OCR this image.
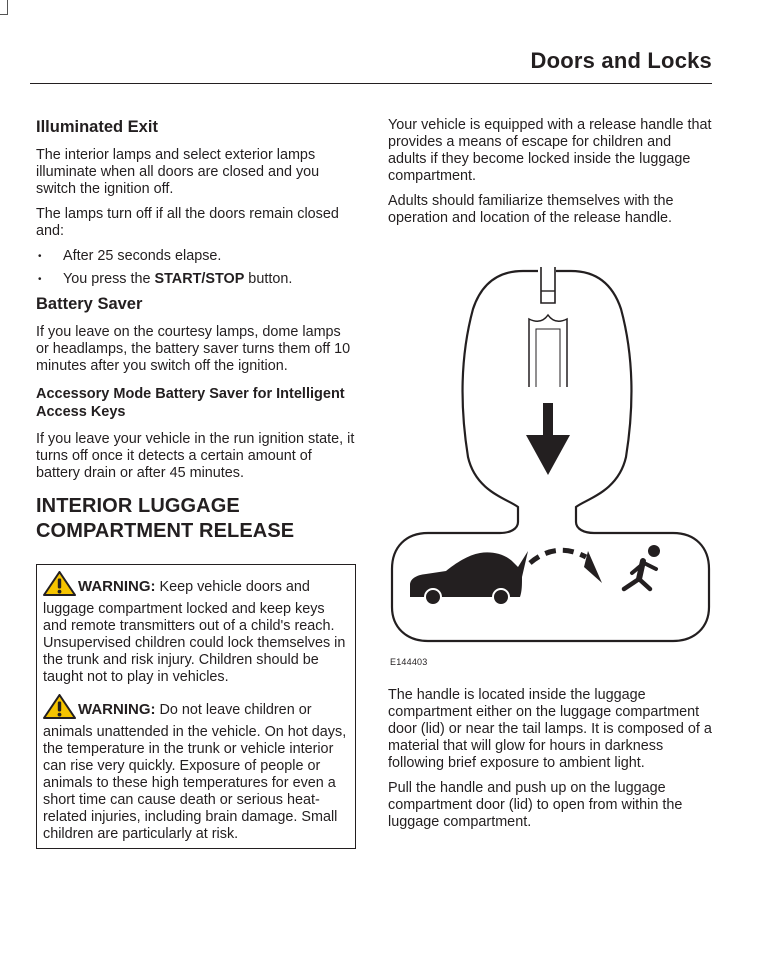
Doors and Locks
Illuminated Exit

The interior lamps and select exterior lamps illuminate when all doors are closed and you switch the ignition off.

The lamps turn off if all the doors remain closed and:

• After 25 seconds elapse.
• You press the START/STOP button.
Battery Saver

If you leave on the courtesy lamps, dome lamps or headlamps, the battery saver turns them off 10 minutes after you switch off the ignition.

Accessory Mode Battery Saver for Intelligent Access Keys

If you leave your vehicle in the run ignition state, it turns off once it detects a certain amount of battery drain or after 45 minutes.

INTERIOR LUGGAGE COMPARTMENT RELEASE

WARNING: Keep vehicle doors and luggage compartment locked and keep keys and remote transmitters out of a child's reach. Unsupervised children could lock themselves in the trunk and risk injury. Children should be taught not to play in vehicles.

WARNING: Do not leave children or animals unattended in the vehicle. On hot days, the temperature in the trunk or vehicle interior can rise very quickly. Exposure of people or animals to these high temperatures for even a short time can cause death or serious heat-related injuries, including brain damage. Small children are particularly at risk.

Your vehicle is equipped with a release handle that provides a means of escape for children and adults if they become locked inside the luggage compartment.

Adults should familiarize themselves with the operation and location of the release handle.

E144403

The handle is located inside the luggage compartment either on the luggage compartment door (lid) or near the tail lamps. It is composed of a material that will glow for hours in darkness following brief exposure to ambient light.

Pull the handle and push up on the luggage compartment door (lid) to open from within the luggage compartment.
